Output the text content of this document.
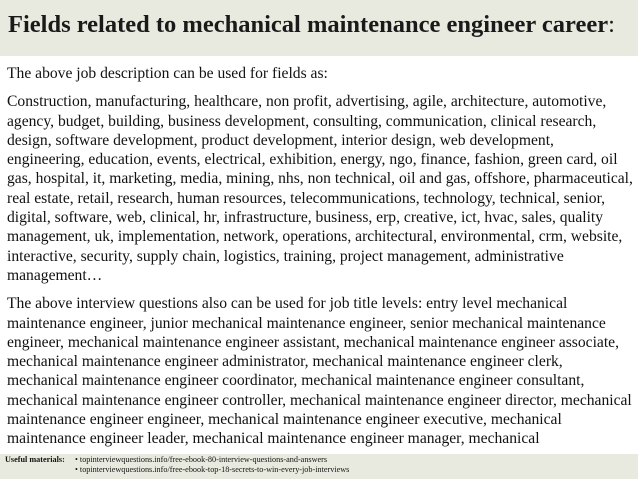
Fields related to mechanical maintenance engineer career:

The above job description can be used for fields as:

Construction, manufacturing, healthcare, non profit, advertising, agile, architecture, automotive, agency, budget, building, business development, consulting, communication, clinical research, design, software development, product development, interior design, web development, engineering, education, events, electrical, exhibition, energy, ngo, finance, fashion, green card, oil gas, hospital, it, marketing, media, mining, nhs, non technical, oil and gas, offshore, pharmaceutical, real estate, retail, research, human resources, telecommunications, technology, technical, senior, digital, software, web, clinical, hr, infrastructure, business, erp, creative, ict, hvac, sales, quality management, uk, implementation, network, operations, architectural, environmental, crm, website, interactive, security, supply chain, logistics, training, project management, administrative management…

The above interview questions also can be used for job title levels: entry level mechanical maintenance engineer, junior mechanical maintenance engineer, senior mechanical maintenance engineer, mechanical maintenance engineer assistant, mechanical maintenance engineer associate, mechanical maintenance engineer administrator, mechanical maintenance engineer clerk, mechanical maintenance engineer coordinator, mechanical maintenance engineer consultant, mechanical maintenance engineer controller, mechanical maintenance engineer director, mechanical maintenance engineer engineer, mechanical maintenance engineer executive, mechanical maintenance engineer leader, mechanical maintenance engineer manager, mechanical

Useful materials:	• topinterviewquestions.info/free-ebook-80-interview-questions-and-answers
• topinterviewquestions.info/free-ebook-top-18-secrets-to-win-every-job-interviews
